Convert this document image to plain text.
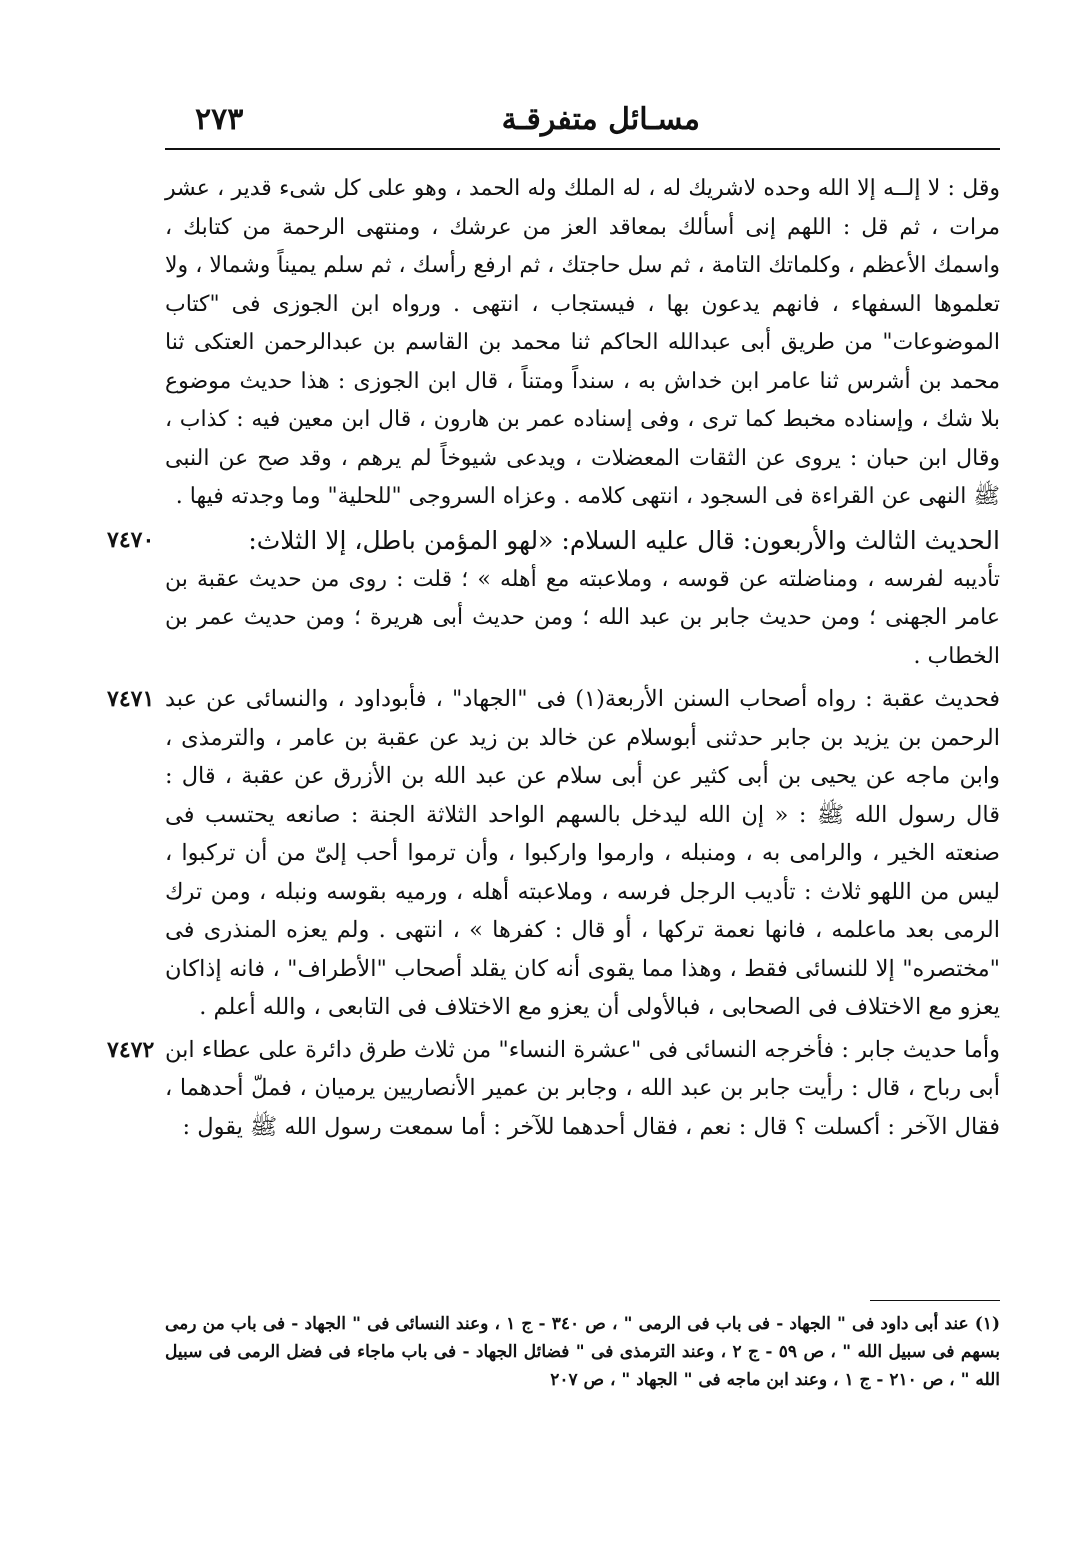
مسـائل متفرقـة
٢٧٣

وقل : لا إلــه إلا الله وحده لاشريك له ، له الملك وله الحمد ، وهو على كل شىء قدير ، عشر مرات ، ثم قل : اللهم إنى أسألك بمعاقد العز من عرشك ، ومنتهى الرحمة من كتابك ، واسمك الأعظم ، وكلماتك التامة ، ثم سل حاجتك ، ثم ارفع رأسك ، ثم سلم يميناً وشمالا ، ولا تعلموها السفهاء ، فانهم يدعون بها ، فيستجاب ، انتهى . ورواه ابن الجوزى فى "كتاب الموضوعات" من طريق أبى عبدالله الحاكم ثنا محمد بن القاسم بن عبدالرحمن العتكى ثنا محمد بن أشرس ثنا عامر ابن خداش به ، سنداً ومتناً ، قال ابن الجوزى : هذا حديث موضوع بلا شك ، وإسناده مخبط كما ترى ، وفى إسناده عمر بن هارون ، قال ابن معين فيه : كذاب ، وقال ابن حبان : يروى عن الثقات المعضلات ، ويدعى شيوخاً لم يرهم ، وقد صح عن النبى ﷺ النهى عن القراءة فى السجود ، انتهى كلامه . وعزاه السروجى "للحلية" وما وجدته فيها .

٧٤٧٠	الحديث الثالث والأربعون: قال عليه السلام: «لهو المؤمن باطل، إلا الثلاث:

تأديبه لفرسه ، ومناضلته عن قوسه ، وملاعبته مع أهله » ؛ قلت : روى من حديث عقبة بن عامر الجهنى ؛ ومن حديث جابر بن عبد الله ؛ ومن حديث أبى هريرة ؛ ومن حديث عمر بن الخطاب .

٧٤٧١ فحديث عقبة : رواه أصحاب السنن الأربعة(١) فى "الجهاد" ، فأبوداود ، والنسائى عن عبد الرحمن بن يزيد بن جابر حدثنى أبوسلام عن خالد بن زيد عن عقبة بن عامر ، والترمذى ، وابن ماجه عن يحيى بن أبى كثير عن أبى سلام عن عبد الله بن الأزرق عن عقبة ، قال : قال رسول الله ﷺ : « إن الله ليدخل بالسهم الواحد الثلاثة الجنة : صانعه يحتسب فى صنعته الخير ، والرامى به ، ومنبله ، وارموا واركبوا ، وأن ترموا أحب إلىّ من أن تركبوا ، ليس من اللهو ثلاث : تأديب الرجل فرسه ، وملاعبته أهله ، ورميه بقوسه ونبله ، ومن ترك الرمى بعد ماعلمه ، فانها نعمة تركها ، أو قال : كفرها » ، انتهى . ولم يعزه المنذرى فى "مختصره" إلا للنسائى فقط ، وهذا مما يقوى أنه كان يقلد أصحاب "الأطراف" ، فانه إذاكان يعزو مع الاختلاف فى الصحابى ، فبالأولى أن يعزو مع الاختلاف فى التابعى ، والله أعلم .

٧٤٧٢ وأما حديث جابر : فأخرجه النسائى فى "عشرة النساء" من ثلاث طرق دائرة على عطاء ابن أبى رباح ، قال : رأيت جابر بن عبد الله ، وجابر بن عمير الأنصاريين يرميان ، فملّ أحدهما ، فقال الآخر : أكسلت ؟ قال : نعم ، فقال أحدهما للآخر : أما سمعت رسول الله ﷺ يقول :

(١) عند أبى داود فى " الجهاد - فى باب فى الرمى " ، ص ٣٤٠ - ج ١ ، وعند النسائى فى " الجهاد - فى باب من رمى بسهم فى سبيل الله " ، ص ٥٩ - ج ٢ ، وعند الترمذى فى " فضائل الجهاد - فى باب ماجاء فى فضل الرمى فى سبيل الله " ، ص ٢١٠ - ج ١ ، وعند ابن ماجه فى " الجهاد " ، ص ٢٠٧
